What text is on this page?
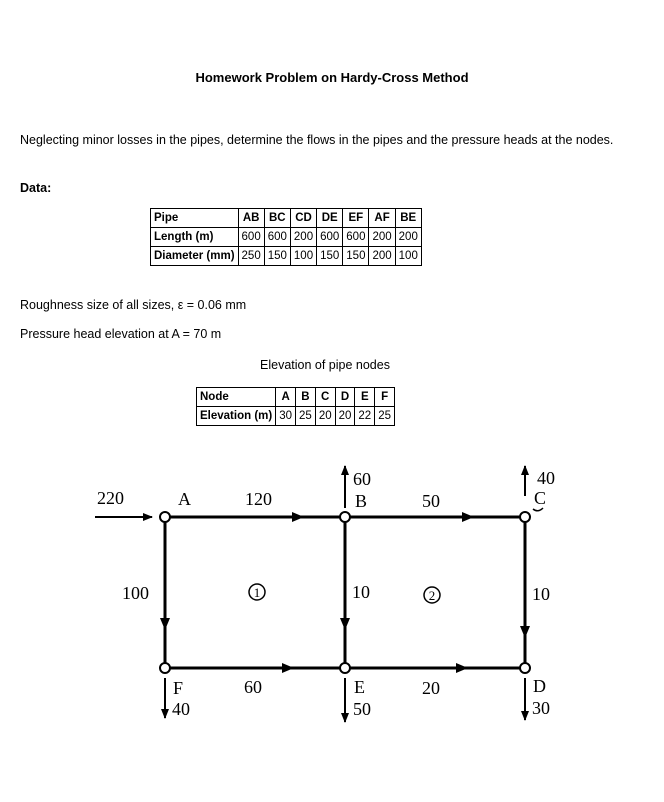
Homework Problem on Hardy-Cross Method
Neglecting minor losses in the pipes, determine the flows in the pipes and the pressure heads at the nodes.
Data:
Pipe	AB	BC	CD	DE	EF	AF	BE
Length (m)	600	600	200	600	600	200	200
Diameter (mm)	250	150	100	150	150	200	100
Roughness size of all sizes, ε = 0.06 mm
Pressure head elevation at A = 70 m
Elevation of pipe nodes
Node	A	B	C	D	E	F
Elevation (m)	30	25	20	20	22	25
1	2
A	B	C
F	E	D
220	120	50
60	40
100	10	10
60	20
40	50	30
